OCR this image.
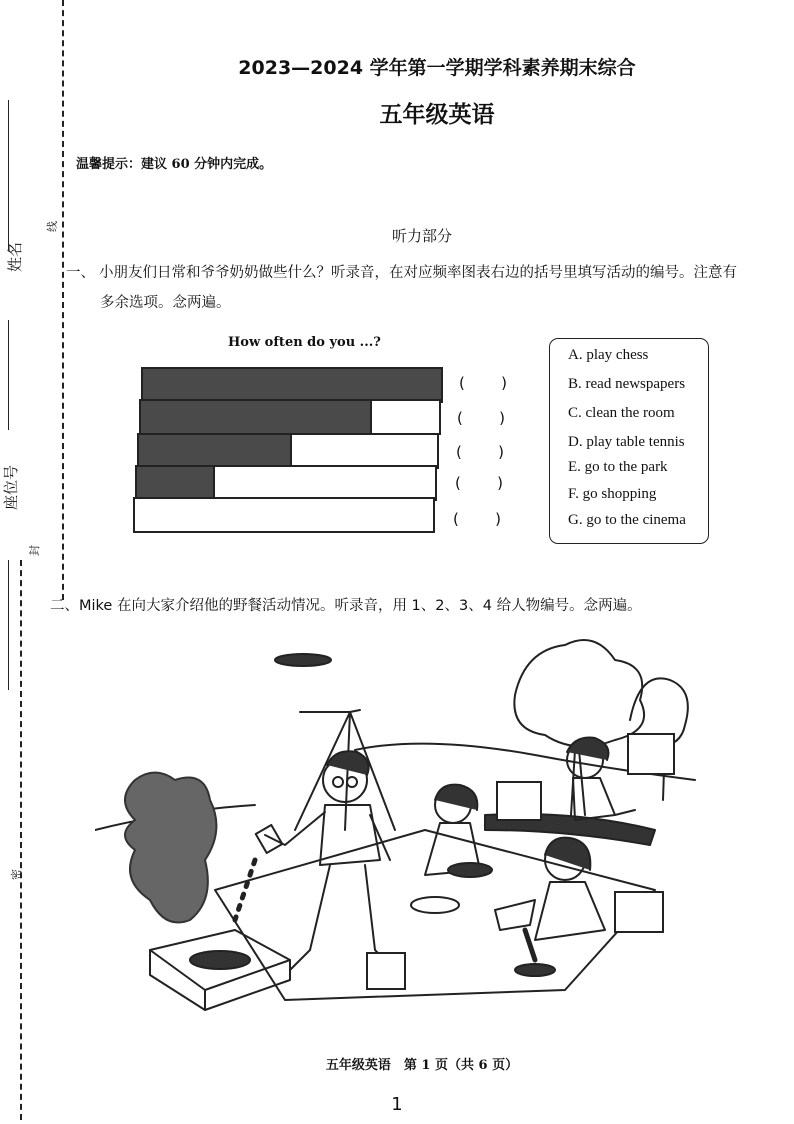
姓名
线
座位号
封
密
2023—2024 学年第一学期学科素养期末综合
五年级英语
温馨提示：建议 60 分钟内完成。
听力部分
一、 小朋友们日常和爷爷奶奶做些什么？听录音，在对应频率图表右边的括号里填写活动的编号。注意有
多余选项。念两遍。
How often do you ...?
( )
( )
( )
( )
( )
A. play chess
B. read newspapers
C. clean the room
D. play table tennis
E. go to the park
F. go shopping
G. go to the cinema
二、Mike 在向大家介绍他的野餐活动情况。听录音，用 1、2、3、4 给人物编号。念两遍。
五年级英语　第 1 页（共 6 页）
1
